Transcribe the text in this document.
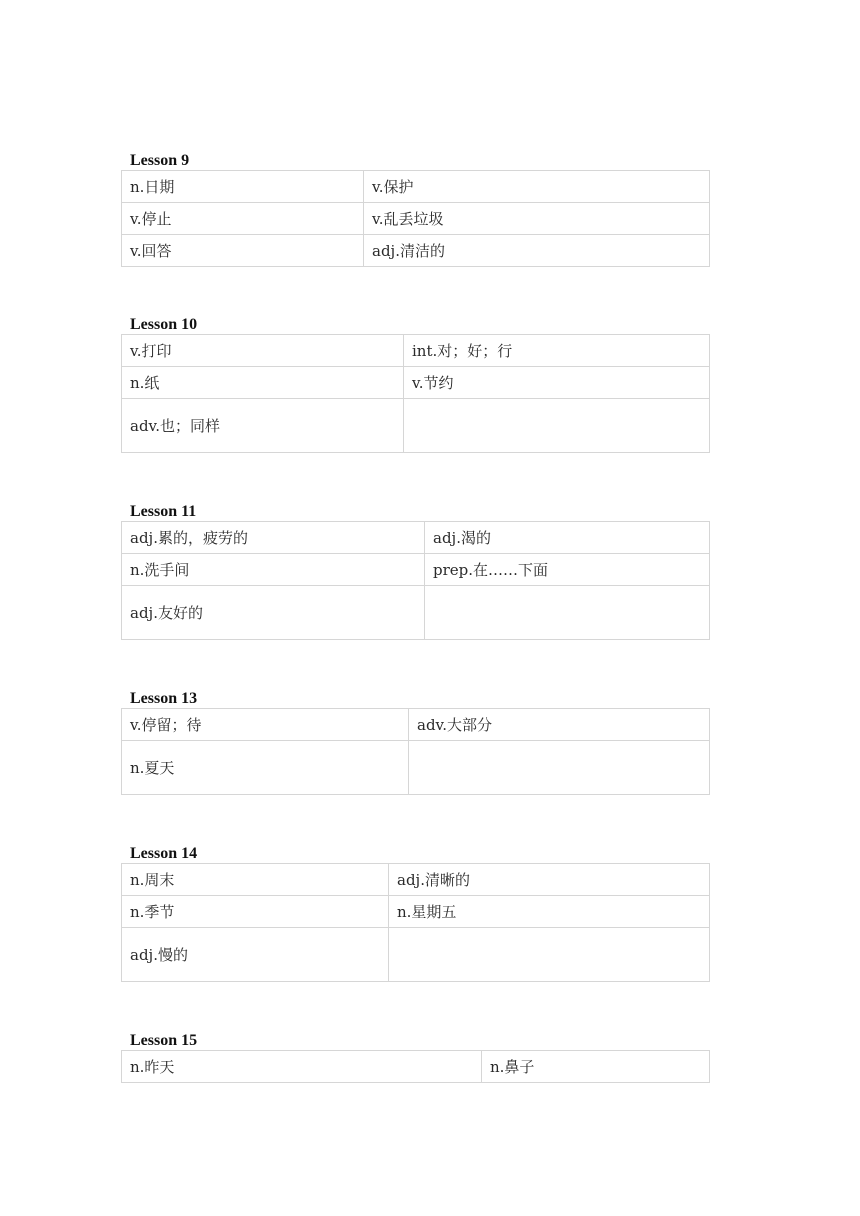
Lesson 9
n.日期	v.保护
v.停止	v.乱丢垃圾
v.回答	adj.清洁的
Lesson 10
v.打印	int.对；好；行
n.纸	v.节约
adv.也；同样	
Lesson 11
adj.累的，疲劳的	adj.渴的
n.洗手间	prep.在……下面
adj.友好的	
Lesson 13
v.停留；待	adv.大部分
n.夏天	
Lesson 14
n.周末	adj.清晰的
n.季节	n.星期五
adj.慢的	
Lesson 15
n.昨天	n.鼻子
